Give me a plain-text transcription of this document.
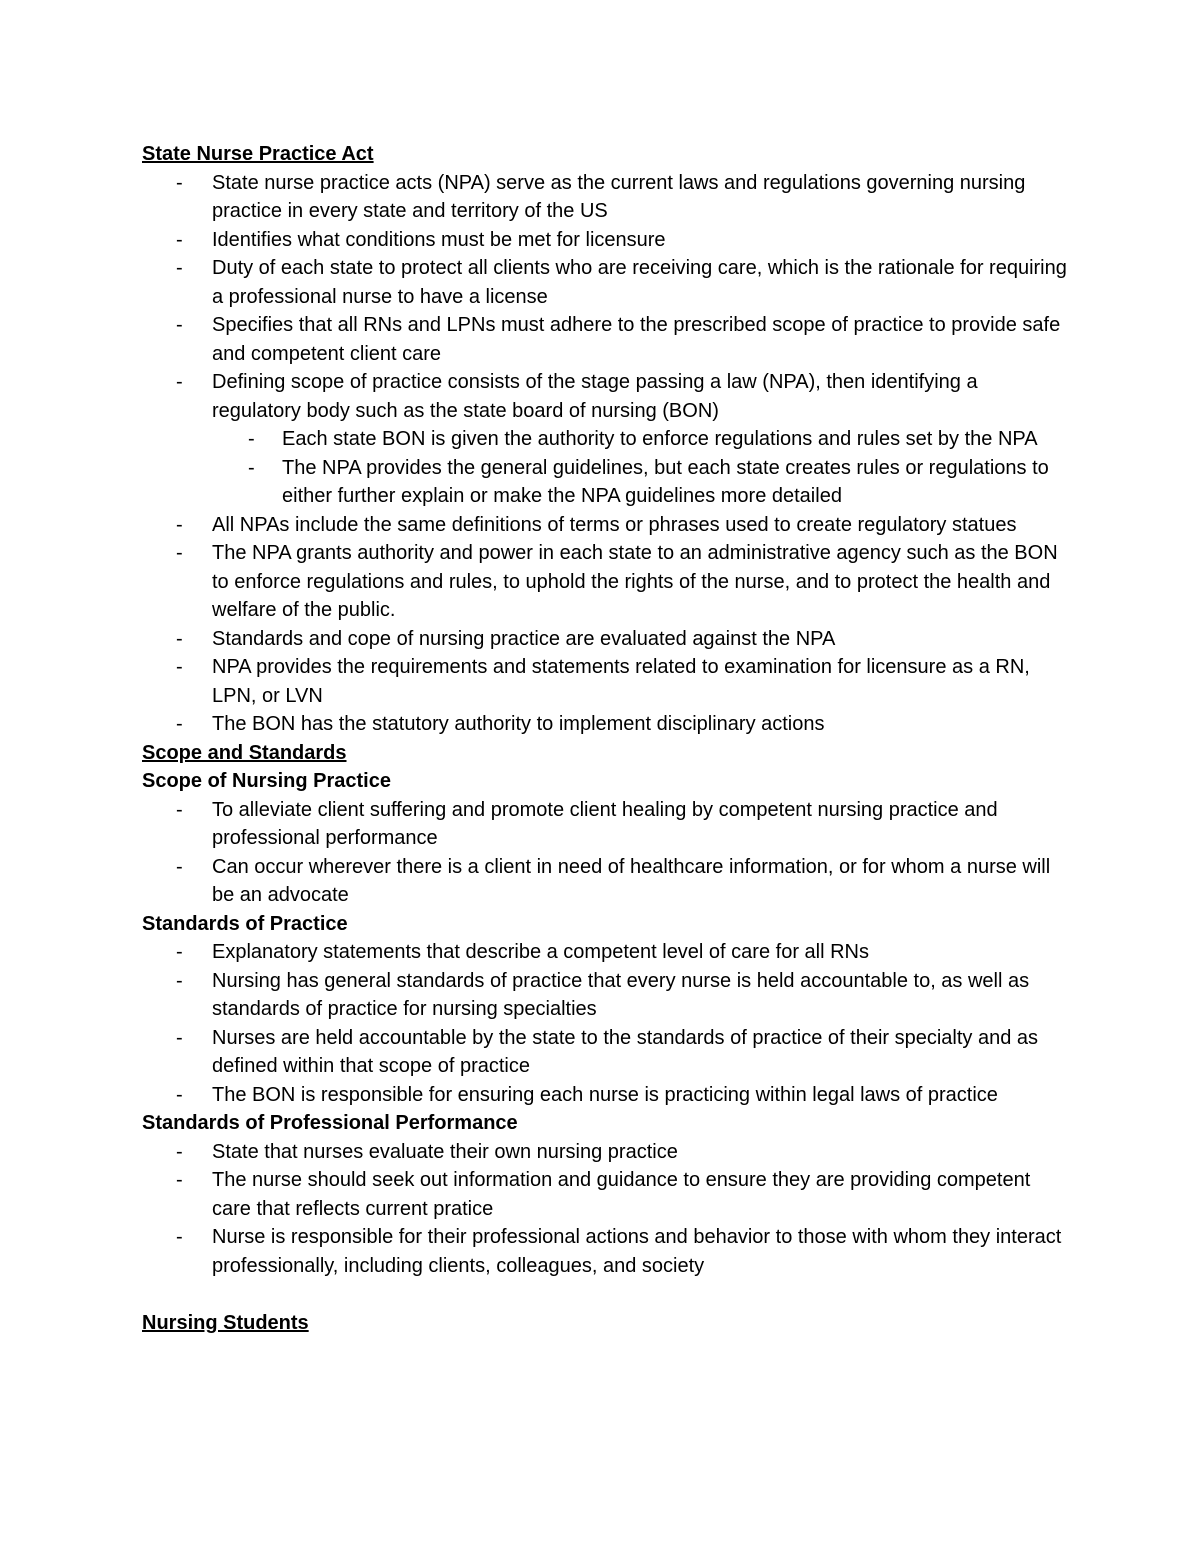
State Nurse Practice Act

- State nurse practice acts (NPA) serve as the current laws and regulations governing nursing practice in every state and territory of the US
- Identifies what conditions must be met for licensure
- Duty of each state to protect all clients who are receiving care, which is the rationale for requiring a professional nurse to have a license
- Specifies that all RNs and LPNs must adhere to the prescribed scope of practice to provide safe and competent client care
- Defining scope of practice consists of the stage passing a law (NPA), then identifying a regulatory body such as the state board of nursing (BON)
- Each state BON is given the authority to enforce regulations and rules set by the NPA
- The NPA provides the general guidelines, but each state creates rules or regulations to either further explain or make the NPA guidelines more detailed
- All NPAs include the same definitions of terms or phrases used to create regulatory statues
- The NPA grants authority and power in each state to an administrative agency such as the BON to enforce regulations and rules, to uphold the rights of the nurse, and to protect the health and welfare of the public.
- Standards and cope of nursing practice are evaluated against the NPA
- NPA provides the requirements and statements related to examination for licensure as a RN, LPN, or LVN
- The BON has the statutory authority to implement disciplinary actions

Scope and Standards

Scope of Nursing Practice

- To alleviate client suffering and promote client healing by competent nursing practice and professional performance
- Can occur wherever there is a client in need of healthcare information, or for whom a nurse will be an advocate

Standards of Practice

- Explanatory statements that describe a competent level of care for all RNs
- Nursing has general standards of practice that every nurse is held accountable to, as well as standards of practice for nursing specialties
- Nurses are held accountable by the state to the standards of practice of their specialty and as defined within that scope of practice
- The BON is responsible for ensuring each nurse is practicing within legal laws of practice

Standards of Professional Performance

- State that nurses evaluate their own nursing practice
- The nurse should seek out information and guidance to ensure they are providing competent care that reflects current pratice
- Nurse is responsible for their professional actions and behavior to those with whom they interact professionally, including clients, colleagues, and society

Nursing Students
